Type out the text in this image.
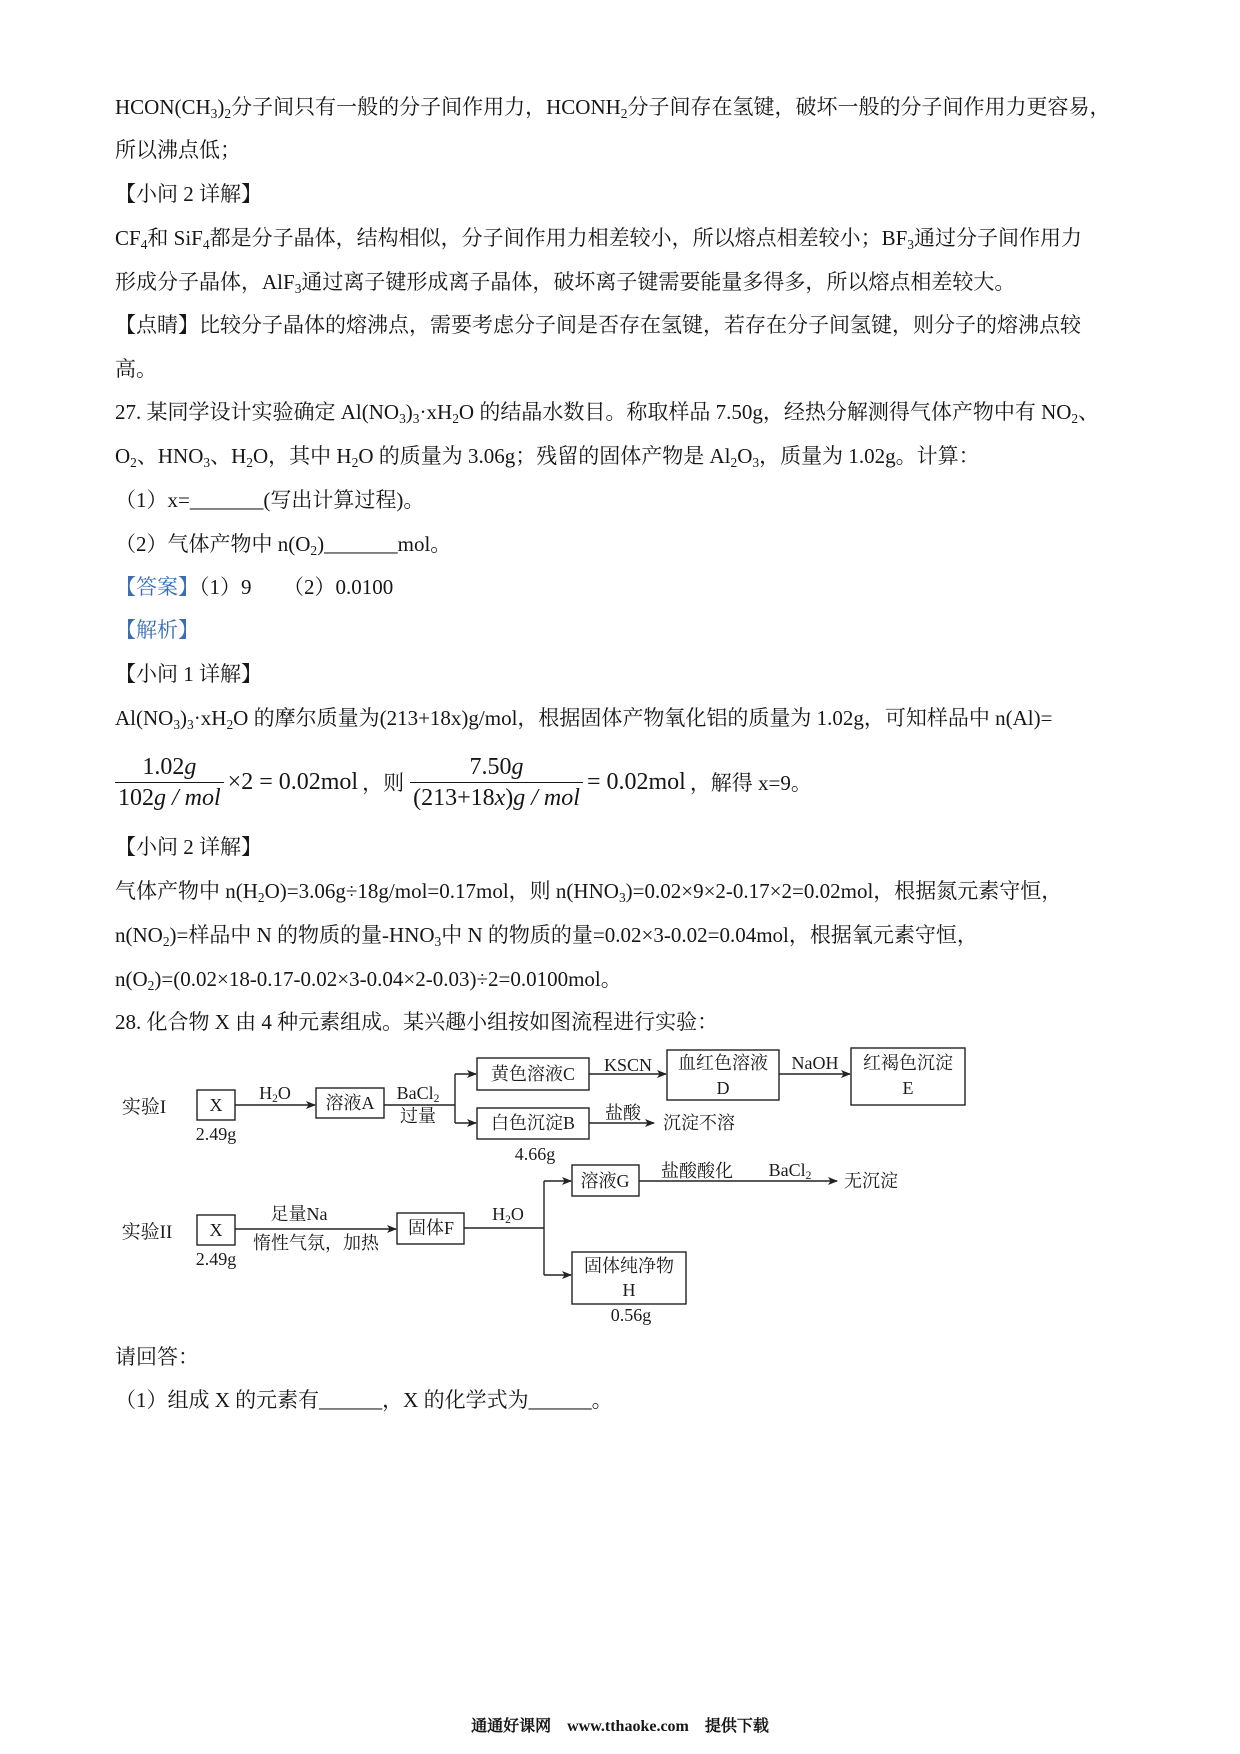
$HCON(CH_3)_2$分子间只有一般的分子间作用力，$HCONH_2$分子间存在氢键，破坏一般的分子间作用力更容易，
所以沸点低；
【小问 2 详解】
$CF_4$和 SiF$_4$都是分子晶体，结构相似，分子间作用力相差较小，所以熔点相差较小；$BF_3$通过分子间作用力
形成分子晶体，AlF$_3$通过离子键形成离子晶体，破坏离子键需要能量多得多，所以熔点相差较大。
【点睛】比较分子晶体的熔沸点，需要考虑分子间是否存在氢键，若存在分子间氢键，则分子的熔沸点较
高。
27. 某同学设计实验确定 $Al(NO_3)_3\cdot xH_2O$ 的结晶水数目。称取样品 7.50g，经热分解测得气体产物中有 $NO_2$、
$O_2$、$HNO_3$、$H_2O$，其中 $H_2O$ 的质量为 3.06g；残留的固体产物是 $Al_2O_3$，质量为 1.02g。计算：
（1）x=_______(写出计算过程)。
（2）气体产物中 $n(O_2)\_\_\_\_\_\_\_mol$。
【答案】（1）9　　（2）0.0100
【解析】
【小问 1 详解】
$Al(NO_3)_3\cdot xH_2O$ 的摩尔质量为(213+18x)g/mol，根据固体产物氧化铝的质量为 1.02g，可知样品中 n(Al)=
$\frac{1.02g}{\text{102g / mol}} \times 2 = 0.02mol$ ，则 $\frac{7.50g}{\text{(213+18x)g / mol}} = 0.02mol$ ，解得 x=9。
【小问 2 详解】
气体产物中 $n(H_2O)=3.06g\div 18g/mol=0.17mol$，则 $n(HNO_3)=0.02\times 9\times 2-0.17\times 2=0.02mol$，根据氮元素守恒，
$n(NO_2)=$样品中 N 的物质的量$-HNO_3$中 N 的物质的量=0.02×3-0.02=0.04mol，根据氧元素守恒，
$n(O_2)=(0.02\times 18-0.17-0.02\times 3-0.04\times 2-0.03)\div 2=0.0100mol$。
28. 化合物 X 由 4 种元素组成。某兴趣小组按如图流程进行实验：
实验I X
2.49g
$H_2O$ 溶液A BaCl$_2$
过量
黄色溶液C KSCN 血红色溶液
D
NaOH 红褐色沉淀
E
白色沉淀B
4.66g
盐酸 沉淀不溶
实验II X
2.49g
足量Na
惰性气氛，加热
固体F
$H_2O$
溶液G 盐酸酸化 BaCl$_2$ 无沉淀
固体纯净物
H
0.56g
请回答：
（1）组成 X 的元素有______，X 的化学式为______。
通通好课网　www.tthaoke.com　提供下载
